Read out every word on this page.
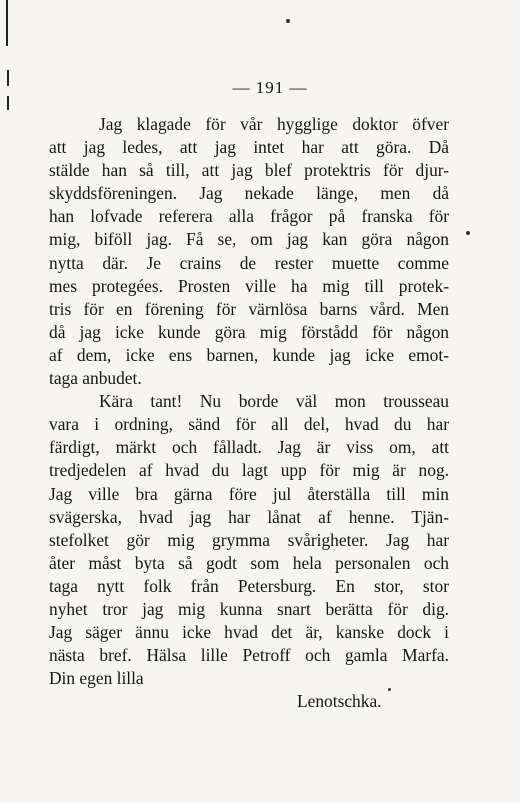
— 191 —
Jag klagade för vår hygglige doktor öfver
att jag ledes, att jag intet har att göra. Då
stälde han så till, att jag blef protektris för djur-
skyddsföreningen. Jag nekade länge, men då
han lofvade referera alla frågor på franska för
mig, biföll jag. Få se, om jag kan göra någon
nytta där. Je crains de rester muette comme
mes protegées. Prosten ville ha mig till protek-
tris för en förening för värnlösa barns vård. Men
då jag icke kunde göra mig förstådd för någon
af dem, icke ens barnen, kunde jag icke emot-
taga anbudet.
Kära tant! Nu borde väl mon trousseau
vara i ordning, sänd för all del, hvad du har
färdigt, märkt och fålladt. Jag är viss om, att
tredjedelen af hvad du lagt upp för mig är nog.
Jag ville bra gärna före jul återställa till min
svägerska, hvad jag har lånat af henne. Tjän-
stefolket gör mig grymma svårigheter. Jag har
åter måst byta så godt som hela personalen och
taga nytt folk från Petersburg. En stor, stor
nyhet tror jag mig kunna snart berätta för dig.
Jag säger ännu icke hvad det är, kanske dock i
nästa bref. Hälsa lille Petroff och gamla Marfa.
Din egen lilla
Lenotschka.
